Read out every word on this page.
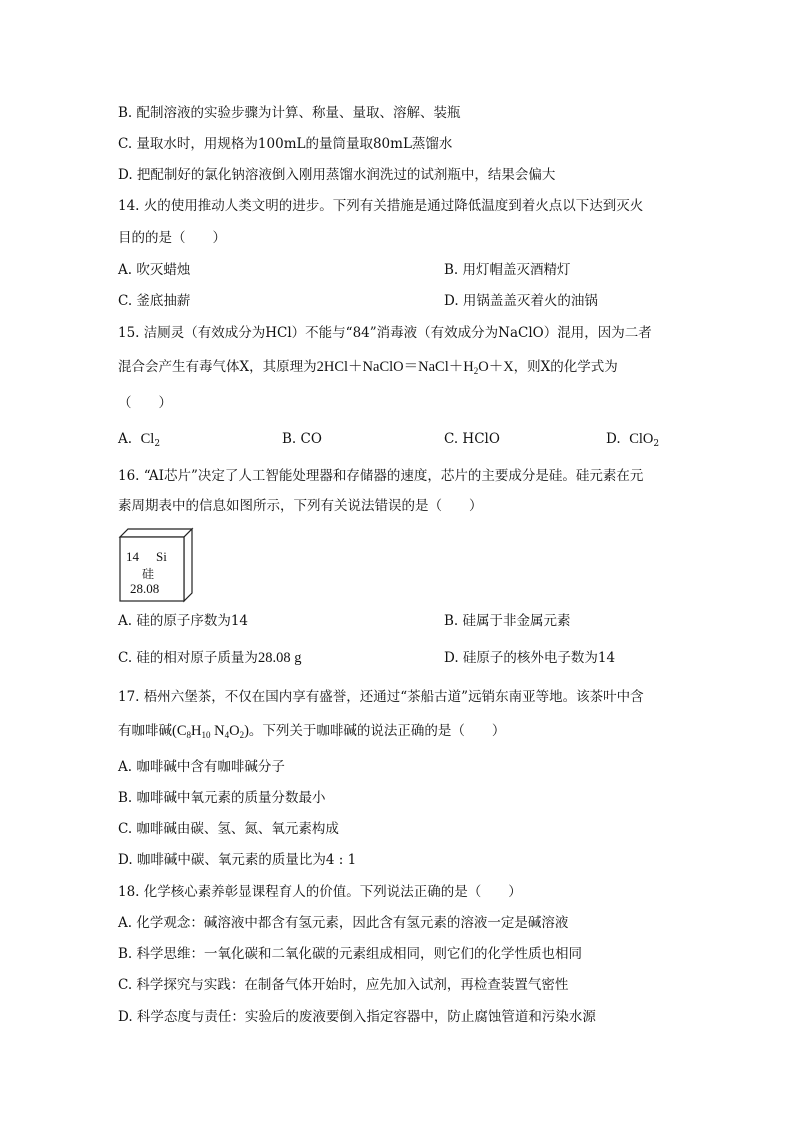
B. 配制溶液的实验步骤为计算、称量、量取、溶解、装瓶
C. 量取水时，用规格为100mL的量筒量取80mL蒸馏水
D. 把配制好的氯化钠溶液倒入刚用蒸馏水润洗过的试剂瓶中，结果会偏大
14. 火的使用推动人类文明的进步。下列有关措施是通过降低温度到着火点以下达到灭火
目的的是（　　）
A. 吹灭蜡烛	B. 用灯帽盖灭酒精灯
C. 釜底抽薪	D. 用锅盖盖灭着火的油锅
15. 洁厕灵（有效成分为HCl）不能与“84”消毒液（有效成分为NaClO）混用，因为二者
混合会产生有毒气体X，其原理为$2HCl+NaClO=NaCl+H_2O+X$，则X的化学式为
（　　）
A. $Cl_2$	B. CO	C. HClO	D. ClO$_2$
16. “AI芯片”决定了人工智能处理器和存储器的速度，芯片的主要成分是硅。硅元素在元
素周期表中的信息如图所示，下列有关说法错误的是（　　）
14 Si
硅
28.08
A. 硅的原子序数为14	B. 硅属于非金属元素
C. 硅的相对原子质量为28.08 g	D. 硅原子的核外电子数为14
17. 梧州六堡茶，不仅在国内享有盛誉，还通过“茶船古道”远销东南亚等地。该茶叶中含
有咖啡碱($C_8H_{10}$ $N_4O_2$)。下列关于咖啡碱的说法正确的是（　　）
A. 咖啡碱中含有咖啡碱分子
B. 咖啡碱中氧元素的质量分数最小
C. 咖啡碱由碳、氢、氮、氧元素构成
D. 咖啡碱中碳、氧元素的质量比为4 : 1
18. 化学核心素养彰显课程育人的价值。下列说法正确的是（　　）
A. 化学观念：碱溶液中都含有氢元素，因此含有氢元素的溶液一定是碱溶液
B. 科学思维：一氧化碳和二氧化碳的元素组成相同，则它们的化学性质也相同
C. 科学探究与实践：在制备气体开始时，应先加入试剂，再检查装置气密性
D. 科学态度与责任：实验后的废液要倒入指定容器中，防止腐蚀管道和污染水源
